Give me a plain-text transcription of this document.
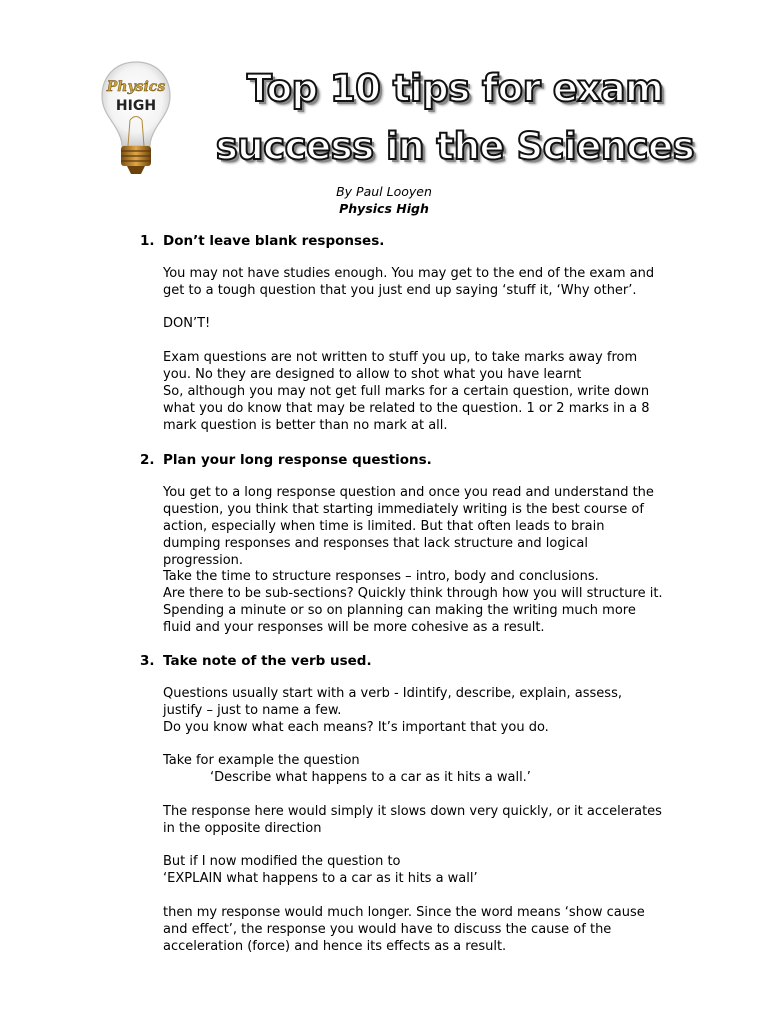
Physics
HIGH	Top 10 tips for exam
success in the Sciences
By Paul Looyen
Physics High
1. Don’t leave blank responses.

You may not have studies enough. You may get to the end of the exam and get to a tough question that you just end up saying ‘stuff it, ‘Why other’.

DON’T!

Exam questions are not written to stuff you up, to take marks away from you. No they are designed to allow to shot what you have learnt
So, although you may not get full marks for a certain question, write down what you do know that may be related to the question. 1 or 2 marks in a 8 mark question is better than no mark at all.

2. Plan your long response questions.

You get to a long response question and once you read and understand the question, you think that starting immediately writing is the best course of action, especially when time is limited. But that often leads to brain dumping responses and responses that lack structure and logical progression.

Take the time to structure responses – intro, body and conclusions.
Are there to be sub-sections? Quickly think through how you will structure it. Spending a minute or so on planning can making the writing much more fluid and your responses will be more cohesive as a result.

3. Take note of the verb used.

Questions usually start with a verb - Idintify, describe, explain, assess, justify – just to name a few.
Do you know what each means? It’s important that you do.

Take for example the question

‘Describe what happens to a car as it hits a wall.’

The response here would simply it slows down very quickly, or it accelerates in the opposite direction

But if I now modified the question to
‘EXPLAIN what happens to a car as it hits a wall’

then my response would much longer. Since the word means ‘show cause and effect’, the response you would have to discuss the cause of the acceleration (force) and hence its effects as a result.
